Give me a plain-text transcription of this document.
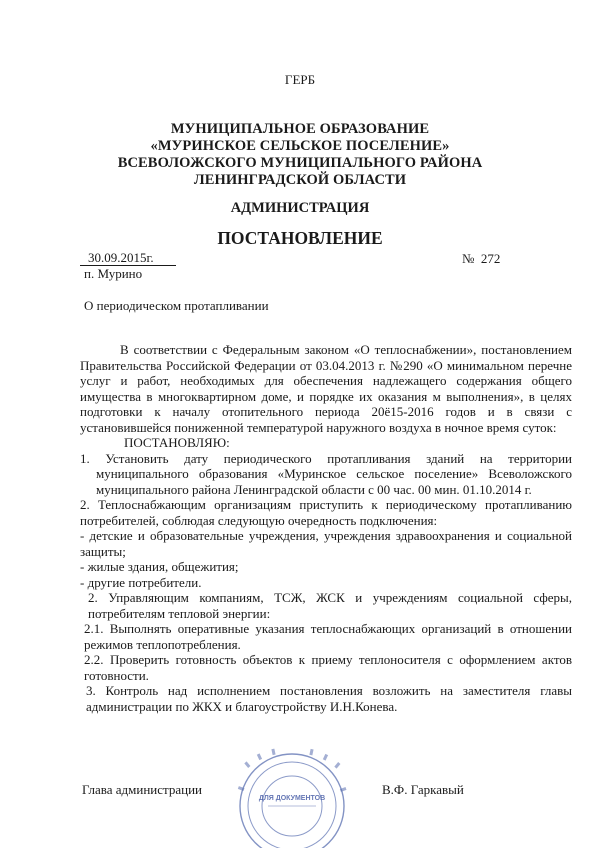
ГЕРБ
МУНИЦИПАЛЬНОЕ ОБРАЗОВАНИЕ
«МУРИНСКОЕ СЕЛЬСКОЕ ПОСЕЛЕНИЕ»
ВСЕВОЛОЖСКОГО МУНИЦИПАЛЬНОГО РАЙОНА
ЛЕНИНГРАДСКОЙ ОБЛАСТИ
АДМИНИСТРАЦИЯ
ПОСТАНОВЛЕНИЕ
30.09.2015г.	№ 272
п. Мурино
О периодическом протапливании

В соответствии с Федеральным законом «О теплоснабжении», постановлением Правительства Российской Федерации от 03.04.2013 г. №290 «О минимальном перечне услуг и работ, необходимых для обеспечения надлежащего содержания общего имущества в многоквартирном доме, и порядке их оказания м выполнения», в целях подготовки к началу отопительного периода 20ё15-2016 годов и в связи с установившейся пониженной температурой наружного воздуха в ночное время суток:

ПОСТАНОВЛЯЮ:

1. Установить дату периодического протапливания зданий на территории муниципального образования «Муринское сельское поселение» Всеволожского муниципального района Ленинградской области с 00 час. 00 мин. 01.10.2014 г.

2. Теплоснабжающим организациям приступить к периодическому протапливанию потребителей, соблюдая следующую очередность подключения:

- детские и образовательные учреждения, учреждения здравоохранения и социальной защиты;

- жилые здания, общежития;

- другие потребители.

2. Управляющим компаниям, ТСЖ, ЖСК и учреждениям социальной сферы, потребителям тепловой энергии:

2.1. Выполнять оперативные указания теплоснабжающих организаций в отношении режимов теплопотребления.

2.2. Проверить готовность объектов к приему теплоносителя с оформлением актов готовности.

3. Контроль над исполнением постановления возложить на заместителя главы администрации по ЖКХ и благоустройству И.Н.Конева.

ДЛЯ ДОКУМЕНТОВ
Глава администрации	В.Ф. Гаркавый
